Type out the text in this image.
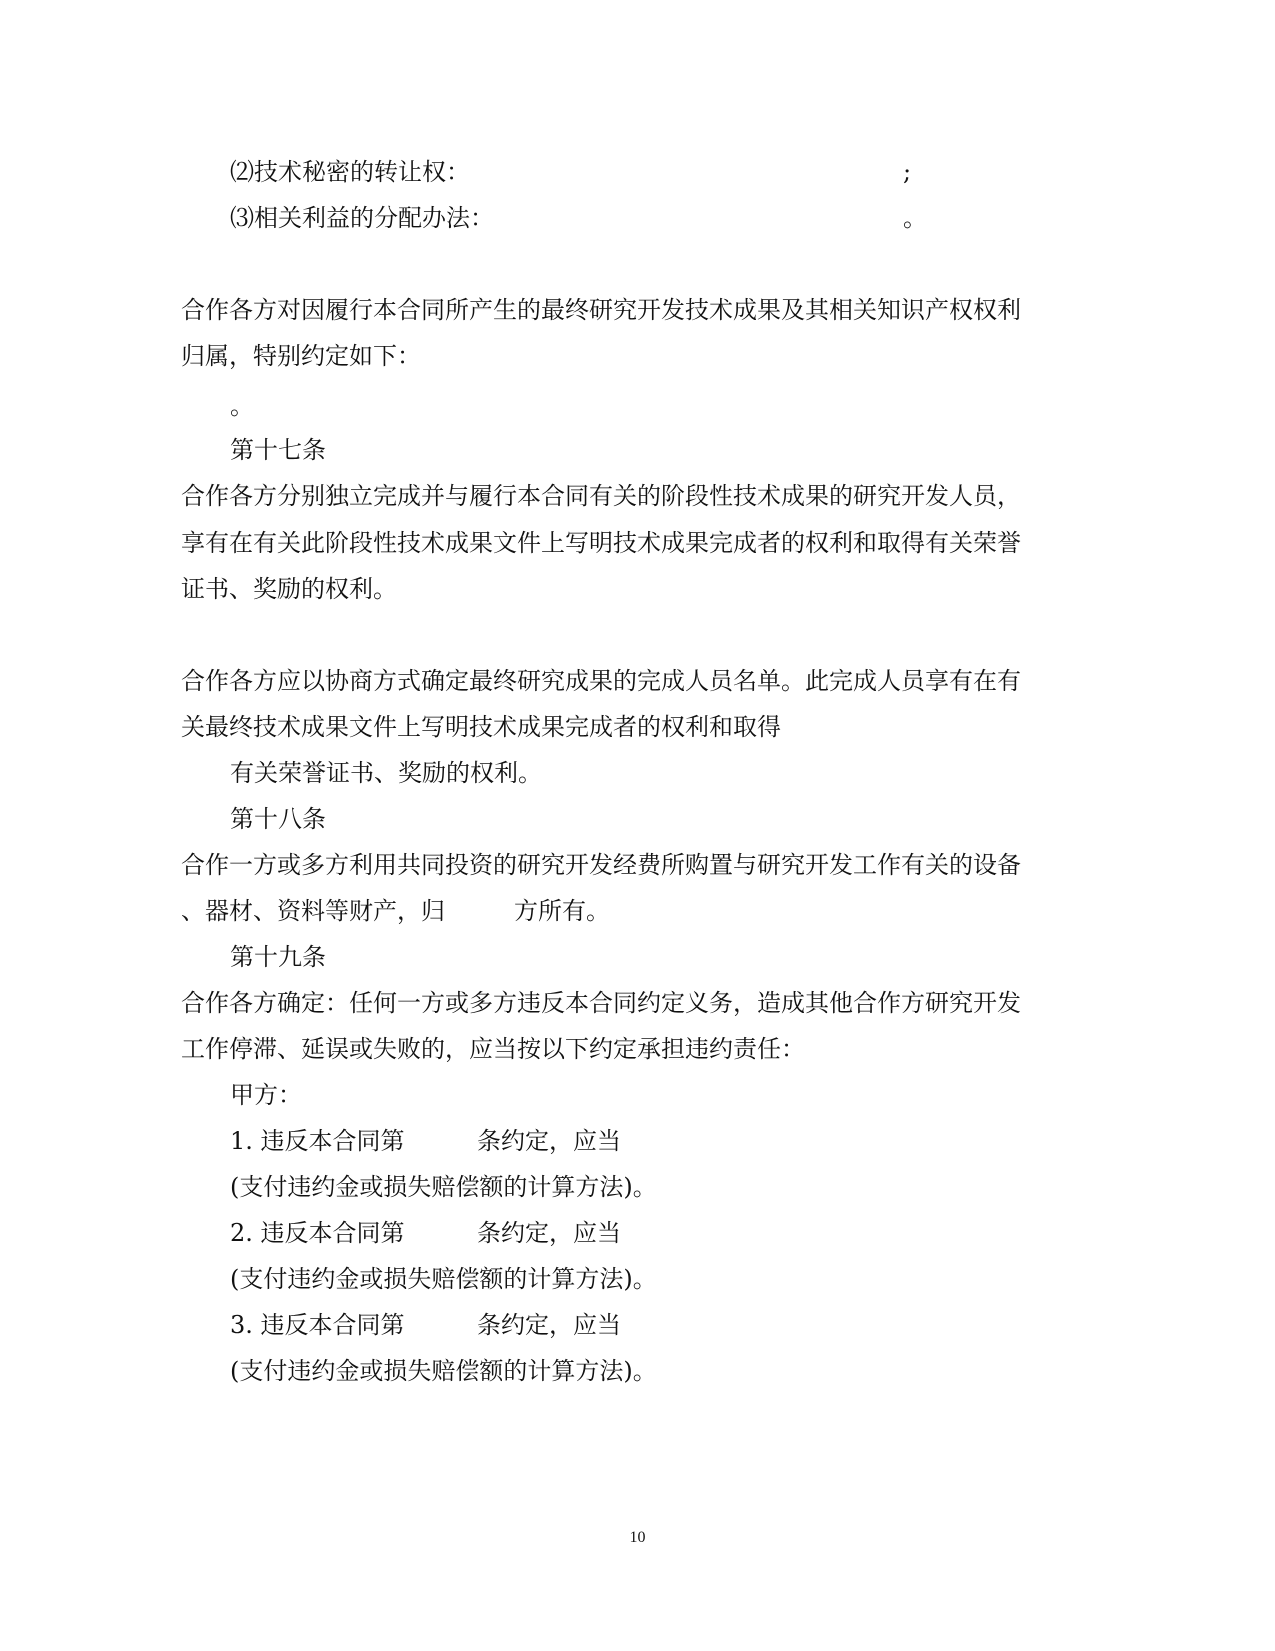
⑵技术秘密的转让权：	;

⑶相关利益的分配办法：	。

合作各方对因履行本合同所产生的最终研究开发技术成果及其相关知识产权权利

归属，特别约定如下：

。

第十七条

合作各方分别独立完成并与履行本合同有关的阶段性技术成果的研究开发人员，

享有在有关此阶段性技术成果文件上写明技术成果完成者的权利和取得有关荣誉

证书、奖励的权利。

合作各方应以协商方式确定最终研究成果的完成人员名单。此完成人员享有在有

关最终技术成果文件上写明技术成果完成者的权利和取得

有关荣誉证书、奖励的权利。

第十八条

合作一方或多方利用共同投资的研究开发经费所购置与研究开发工作有关的设备

、器材、资料等财产，归	方所有。

第十九条

合作各方确定：任何一方或多方违反本合同约定义务，造成其他合作方研究开发

工作停滞、延误或失败的，应当按以下约定承担违约责任：

甲方：

1. 违反本合同第	条约定，应当

(支付违约金或损失赔偿额的计算方法)。

2. 违反本合同第	条约定，应当

(支付违约金或损失赔偿额的计算方法)。

3. 违反本合同第	条约定，应当

(支付违约金或损失赔偿额的计算方法)。

10
